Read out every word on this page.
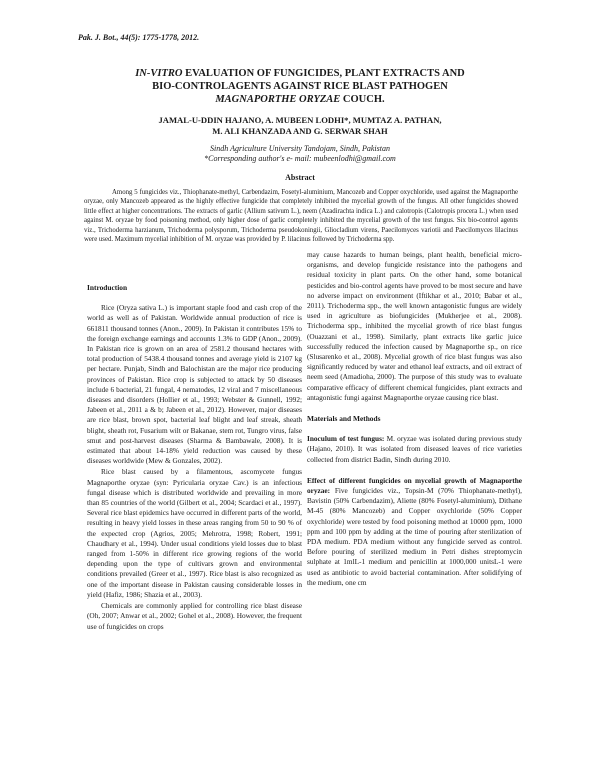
Pak. J. Bot., 44(5): 1775-1778, 2012.
IN-VITRO EVALUATION OF FUNGICIDES, PLANT EXTRACTS AND
BIO-CONTROLAGENTS AGAINST RICE BLAST PATHOGEN
MAGNAPORTHE ORYZAE COUCH.
JAMAL-U-DDIN HAJANO, A. MUBEEN LODHI*, MUMTAZ A. PATHAN,
M. ALI KHANZADA AND G. SERWAR SHAH
Sindh Agriculture University Tandojam, Sindh, Pakistan
*Corresponding author's e- mail: mubeenlodhi@gmail.com
Abstract

Among 5 fungicides viz., Thiophanate-methyl, Carbendazim, Fosetyl-aluminium, Mancozeb and Copper oxychloride, used against the Magnaporthe oryzae, only Mancozeb appeared as the highly effective fungicide that completely inhibited the mycelial growth of the fungus. All other fungicides showed little effect at higher concentrations. The extracts of garlic (Allium sativum L.), neem (Azadirachta indica L.) and calotropis (Calotropis procera L.) when used against M. oryzae by food poisoning method, only higher dose of garlic completely inhibited the mycelial growth of the test fungus. Six bio-control agents viz., Trichoderma harzianum, Trichoderma polysporum, Trichoderma pseudokoningii, Gliocladium virens, Paecilomyces variotii and Paecilomyces lilacinus were used. Maximum mycelial inhibition of M. oryzae was provided by P. lilacinus followed by Trichoderma spp.

Introduction

Rice (Oryza sativa L.) is important staple food and cash crop of the world as well as of Pakistan. Worldwide annual production of rice is 661811 thousand tonnes (Anon., 2009). In Pakistan it contributes 15% to the foreign exchange earnings and accounts 1.3% to GDP (Anon., 2009). In Pakistan rice is grown on an area of 2581.2 thousand hectares with total production of 5438.4 thousand tonnes and average yield is 2107 kg per hectare. Punjab, Sindh and Balochistan are the major rice producing provinces of Pakistan. Rice crop is subjected to attack by 50 diseases include 6 bacterial, 21 fungal, 4 nematodes, 12 viral and 7 miscellaneous diseases and disorders (Hollier et al., 1993; Webster & Gunnell, 1992; Jabeen et al., 2011 a & b; Jabeen et al., 2012). However, major diseases are rice blast, brown spot, bacterial leaf blight and leaf streak, sheath blight, sheath rot, Fusarium wilt or Bakanae, stem rot, Tungro virus, false smut and post-harvest diseases (Sharma & Bambawale, 2008). It is estimated that about 14-18% yield reduction was caused by these diseases worldwide (Mew & Gonzales, 2002).

Rice blast caused by a filamentous, ascomycete fungus Magnaporthe oryzae (syn: Pyricularia oryzae Cav.) is an infectious fungal disease which is distributed worldwide and prevailing in more than 85 countries of the world (Gilbert et al., 2004; Scardaci et al., 1997). Several rice blast epidemics have occurred in different parts of the world, resulting in heavy yield losses in these areas ranging from 50 to 90 % of the expected crop (Agrios, 2005; Mehrotra, 1998; Robert, 1991; Chaudhary et al., 1994). Under usual conditions yield losses due to blast ranged from 1-50% in different rice growing regions of the world depending upon the type of cultivars grown and environmental conditions prevailed (Greer et al., 1997). Rice blast is also recognized as one of the important disease in Pakistan causing considerable losses in yield (Hafiz, 1986; Shazia et al., 2003).

Chemicals are commonly applied for controlling rice blast disease (Oh, 2007; Anwar et al., 2002; Gohel et al., 2008). However, the frequent use of fungicides on crops

may cause hazards to human beings, plant health, beneficial micro-organisms, and develop fungicide resistance into the pathogens and residual toxicity in plant parts. On the other hand, some botanical pesticides and bio-control agents have proved to be most secure and have no adverse impact on environment (Iftikhar et al., 2010; Babar et al., 2011). Trichoderma spp., the well known antagonistic fungus are widely used in agriculture as biofungicides (Mukherjee et al., 2008). Trichoderma spp., inhibited the mycelial growth of rice blast fungus (Ouazzani et al., 1998). Similarly, plant extracts like garlic juice successfully reduced the infection caused by Magnaporthe sp., on rice (Slusarenko et al., 2008). Mycelial growth of rice blast fungus was also significantly reduced by water and ethanol leaf extracts, and oil extract of neem seed (Amadioha, 2000). The purpose of this study was to evaluate comparative efficacy of different chemical fungicides, plant extracts and antagonistic fungi against Magnaporthe oryzae causing rice blast.

Materials and Methods

Inoculum of test fungus: M. oryzae was isolated during previous study (Hajano, 2010). It was isolated from diseased leaves of rice varieties collected from district Badin, Sindh during 2010.

Effect of different fungicides on mycelial growth of Magnaporthe oryzae: Five fungicides viz., Topsin-M (70% Thiophanate-methyl), Bavistin (50% Carbendazim), Aliette (80% Fosetyl-aluminium), Dithane M-45 (80% Mancozeb) and Copper oxychloride (50% Copper oxychloride) were tested by food poisoning method at 10000 ppm, 1000 ppm and 100 ppm by adding at the time of pouring after sterilization of PDA medium. PDA medium without any fungicide served as control. Before pouring of sterilized medium in Petri dishes streptomycin sulphate at 1mlL-1 medium and penicillin at 1000,000 unitsL-1 were used as antibiotic to avoid bacterial contamination. After solidifying of the medium, one cm
